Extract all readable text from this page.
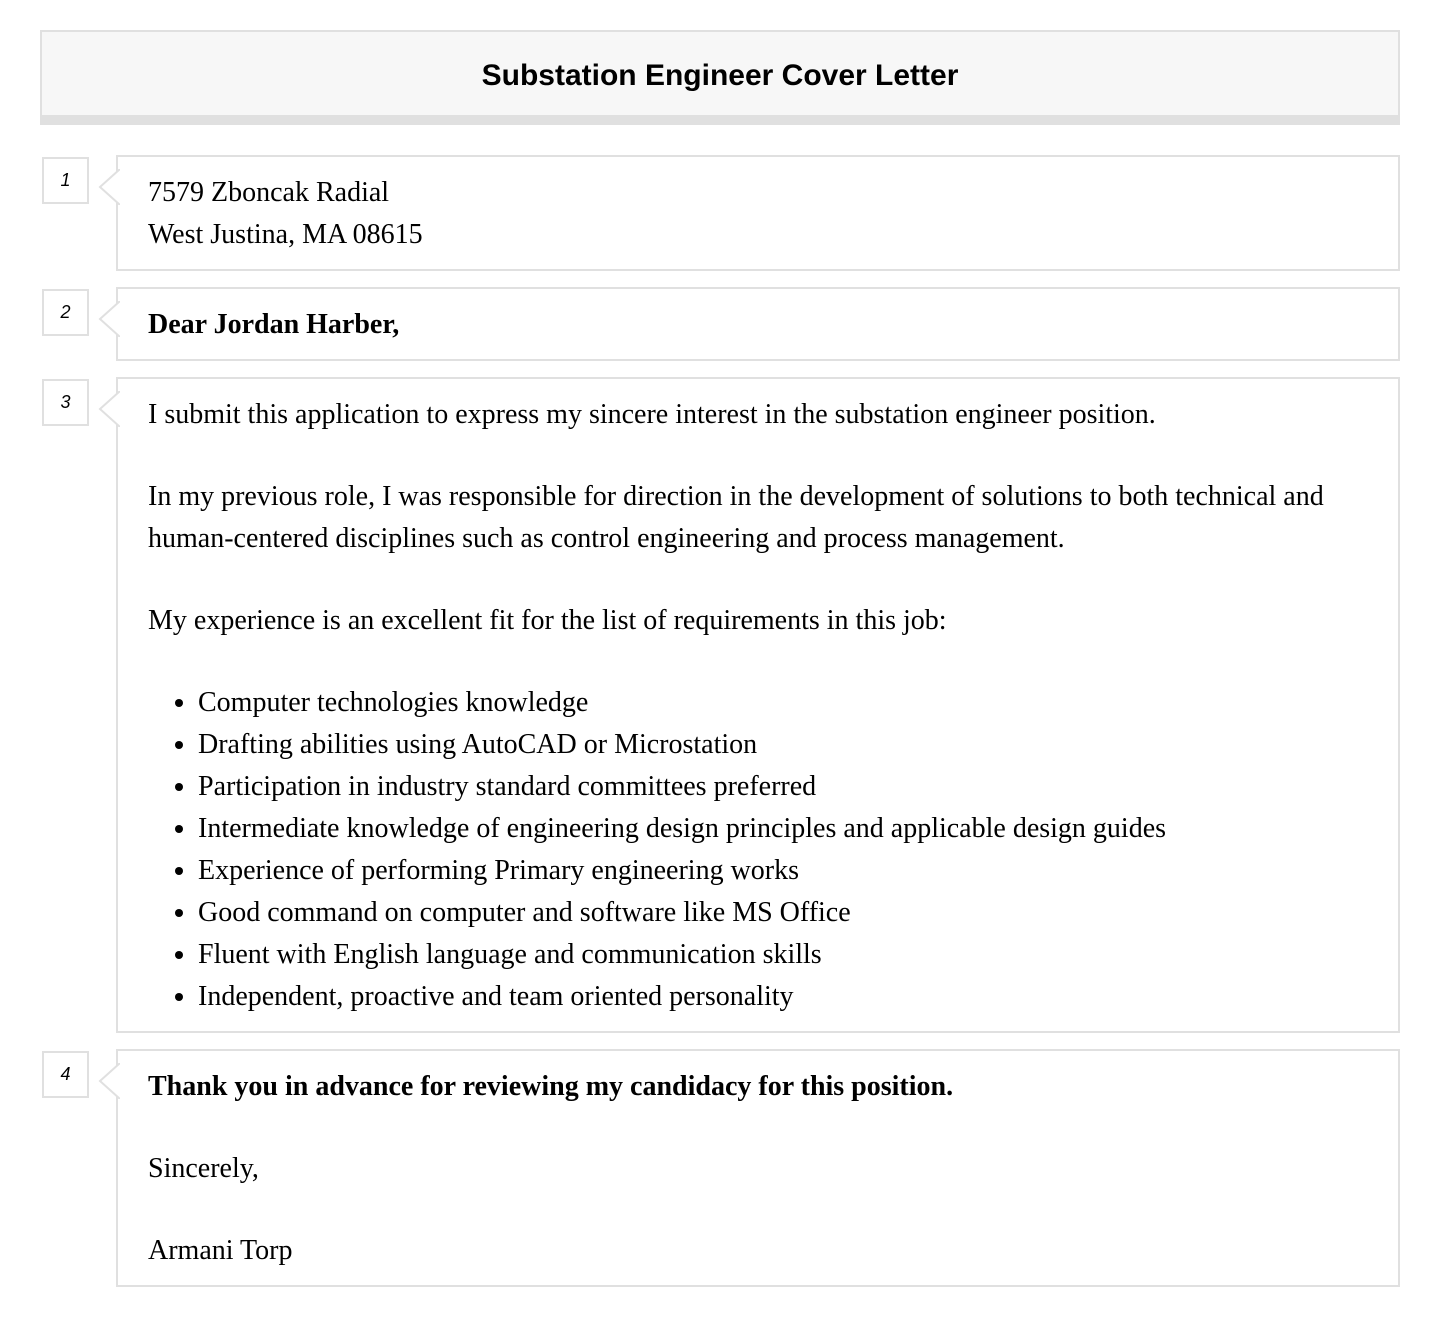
Substation Engineer Cover Letter
1	7579 Zboncak Radial

West Justina, MA 08615

2	Dear Jordan Harber,

3	I submit this application to express my sincere interest in the substation engineer position.

In my previous role, I was responsible for direction in the development of solutions to both technical and human-centered disciplines such as control engineering and process management.

My experience is an excellent fit for the list of requirements in this job:

• Computer technologies knowledge
• Drafting abilities using AutoCAD or Microstation
• Participation in industry standard committees preferred
• Intermediate knowledge of engineering design principles and applicable design guides
• Experience of performing Primary engineering works
• Good command on computer and software like MS Office
• Fluent with English language and communication skills
• Independent, proactive and team oriented personality
4	Thank you in advance for reviewing my candidacy for this position.

Sincerely,

Armani Torp
